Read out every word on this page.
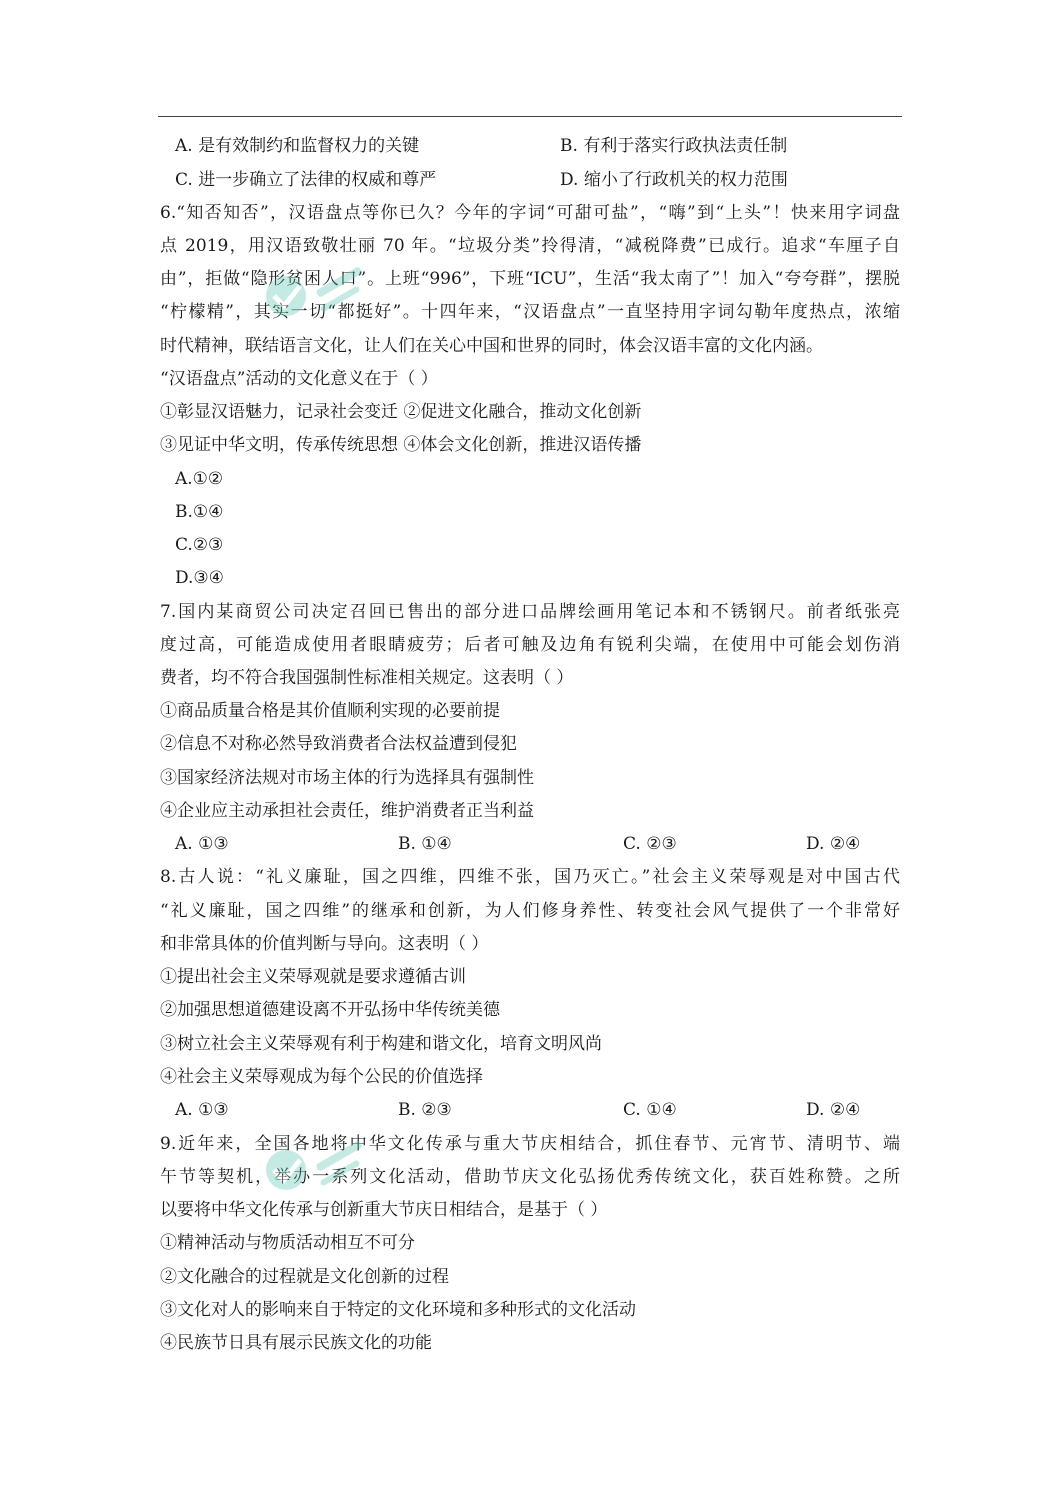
A. 是有效制约和监督权力的关键	B. 有利于落实行政执法责任制
C. 进一步确立了法律的权威和尊严	D. 缩小了行政机关的权力范围
6.“知否知否”，汉语盘点等你已久？今年的字词“可甜可盐”，“嗨”到“上头”！快来用字词盘
点 2019，用汉语致敬壮丽 70 年。“垃圾分类”拎得清，“减税降费”已成行。追求“车厘子自
由”，拒做“隐形贫困人口”。上班“996”，下班“ICU”，生活“我太南了”！加入“夸夸群”，摆脱
“柠檬精”，其实一切“都挺好”。十四年来，“汉语盘点”一直坚持用字词勾勒年度热点，浓缩
时代精神，联结语言文化，让人们在关心中国和世界的同时，体会汉语丰富的文化内涵。
“汉语盘点”活动的文化意义在于（ ）
①彰显汉语魅力，记录社会变迁 ②促进文化融合，推动文化创新
③见证中华文明，传承传统思想 ④体会文化创新，推进汉语传播
A.①②
B.①④
C.②③
D.③④
7.国内某商贸公司决定召回已售出的部分进口品牌绘画用笔记本和不锈钢尺。前者纸张亮
度过高，可能造成使用者眼睛疲劳；后者可触及边角有锐利尖端，在使用中可能会划伤消
费者，均不符合我国强制性标准相关规定。这表明（ ）
①商品质量合格是其价值顺利实现的必要前提
②信息不对称必然导致消费者合法权益遭到侵犯
③国家经济法规对市场主体的行为选择具有强制性
④企业应主动承担社会责任，维护消费者正当利益
A. ①③	B. ①④	C. ②③	D. ②④
8.古人说：“礼义廉耻，国之四维，四维不张，国乃灭亡。”社会主义荣辱观是对中国古代
“礼义廉耻，国之四维”的继承和创新，为人们修身养性、转变社会风气提供了一个非常好
和非常具体的价值判断与导向。这表明（ ）
①提出社会主义荣辱观就是要求遵循古训
②加强思想道德建设离不开弘扬中华传统美德
③树立社会主义荣辱观有利于构建和谐文化，培育文明风尚
④社会主义荣辱观成为每个公民的价值选择
A. ①③	B. ②③	C. ①④	D. ②④
9.近年来，全国各地将中华文化传承与重大节庆相结合，抓住春节、元宵节、清明节、端
午节等契机，举办一系列文化活动，借助节庆文化弘扬优秀传统文化，获百姓称赞。之所
以要将中华文化传承与创新重大节庆日相结合，是基于（ ）
①精神活动与物质活动相互不可分
②文化融合的过程就是文化创新的过程
③文化对人的影响来自于特定的文化环境和多种形式的文化活动
④民族节日具有展示民族文化的功能
